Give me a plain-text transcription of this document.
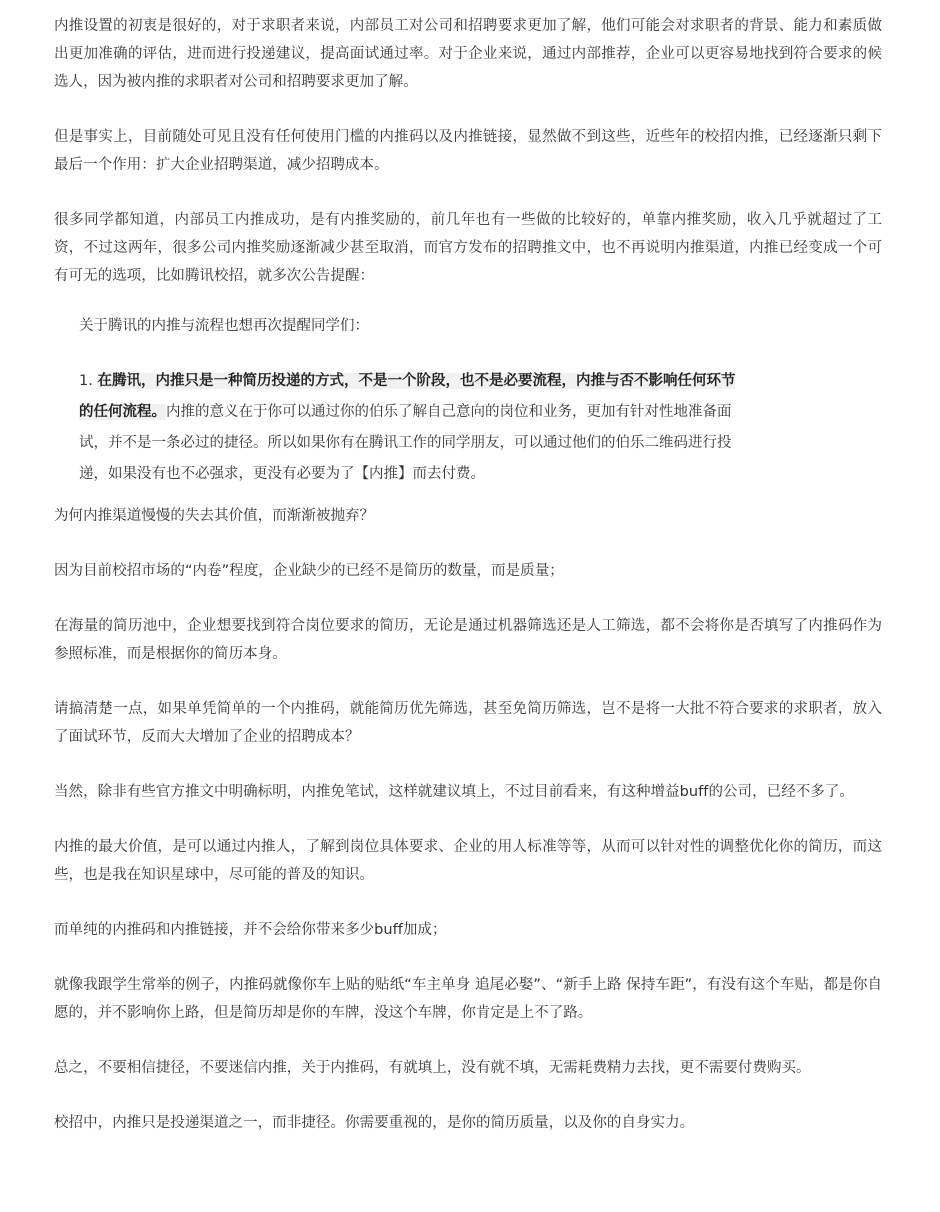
内推设置的初衷是很好的，对于求职者来说，内部员工对公司和招聘要求更加了解，他们可能会对求职者的背景、能力和素质做出更加准确的评估，进而进行投递建议，提高面试通过率。对于企业来说，通过内部推荐，企业可以更容易地找到符合要求的候选人，因为被内推的求职者对公司和招聘要求更加了解。

但是事实上，目前随处可见且没有任何使用门槛的内推码以及内推链接，显然做不到这些，近些年的校招内推，已经逐渐只剩下最后一个作用：扩大企业招聘渠道，减少招聘成本。

很多同学都知道，内部员工内推成功，是有内推奖励的，前几年也有一些做的比较好的，单靠内推奖励，收入几乎就超过了工资，不过这两年，很多公司内推奖励逐渐减少甚至取消，而官方发布的招聘推文中，也不再说明内推渠道，内推已经变成一个可有可无的选项，比如腾讯校招，就多次公告提醒：

关于腾讯的内推与流程也想再次提醒同学们：
1. 在腾讯，内推只是一种简历投递的方式，不是一个阶段，也不是必要流程，内推与否不影响任何环节的任何流程。内推的意义在于你可以通过你的伯乐了解自己意向的岗位和业务，更加有针对性地准备面试，并不是一条必过的捷径。所以如果你有在腾讯工作的同学朋友，可以通过他们的伯乐二维码进行投递，如果没有也不必强求，更没有必要为了【内推】而去付费。

为何内推渠道慢慢的失去其价值，而渐渐被抛弃？

因为目前校招市场的“内卷”程度，企业缺少的已经不是简历的数量，而是质量；

在海量的简历池中，企业想要找到符合岗位要求的简历，无论是通过机器筛选还是人工筛选，都不会将你是否填写了内推码作为参照标准，而是根据你的简历本身。

请搞清楚一点，如果单凭简单的一个内推码，就能简历优先筛选，甚至免简历筛选，岂不是将一大批不符合要求的求职者，放入了面试环节，反而大大增加了企业的招聘成本？

当然，除非有些官方推文中明确标明，内推免笔试，这样就建议填上，不过目前看来，有这种增益buff的公司，已经不多了。

内推的最大价值，是可以通过内推人，了解到岗位具体要求、企业的用人标准等等，从而可以针对性的调整优化你的简历，而这些，也是我在知识星球中，尽可能的普及的知识。

而单纯的内推码和内推链接，并不会给你带来多少buff加成；

就像我跟学生常举的例子，内推码就像你车上贴的贴纸“车主单身 追尾必娶”、“新手上路 保持车距”，有没有这个车贴，都是你自愿的，并不影响你上路，但是简历却是你的车牌，没这个车牌，你肯定是上不了路。

总之，不要相信捷径，不要迷信内推，关于内推码，有就填上，没有就不填，无需耗费精力去找，更不需要付费购买。

校招中，内推只是投递渠道之一，而非捷径。你需要重视的，是你的简历质量，以及你的自身实力。
